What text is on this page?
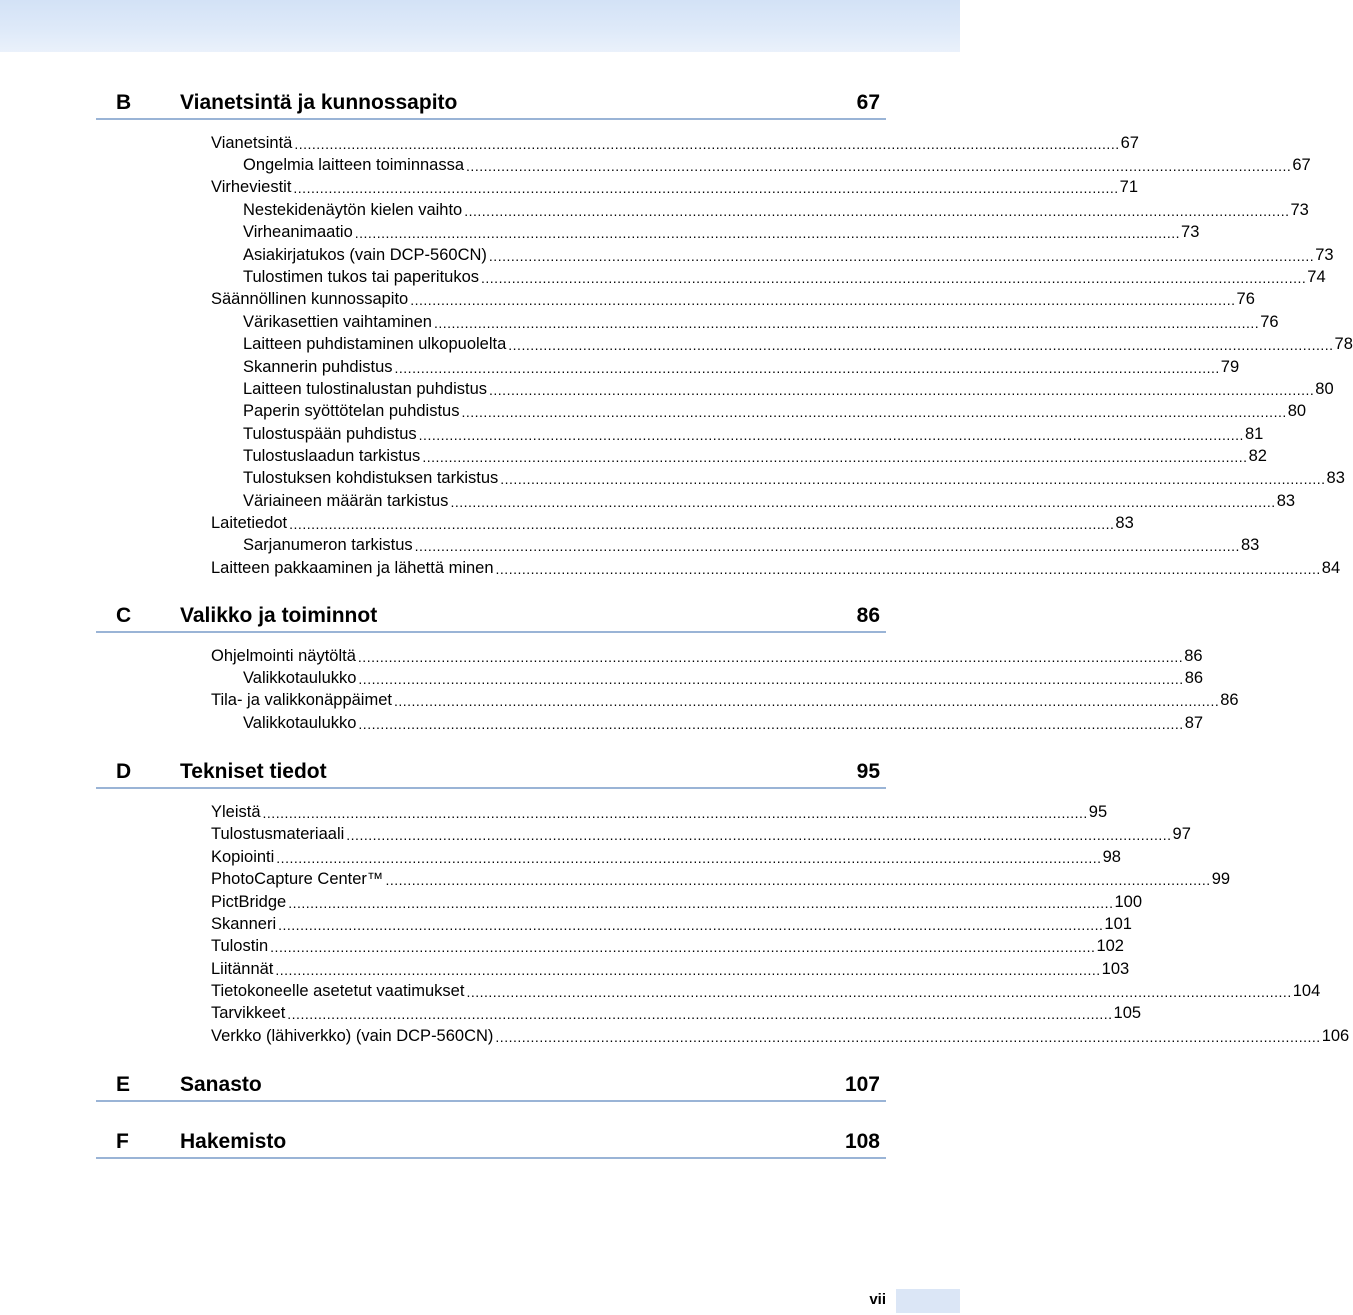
B Vianetsintä ja kunnossapito	67
Vianetsintä ............................................................................................................................................................................................ 67
Ongelmia laitteen toiminnassa ............................................................................................................................................................................................ 67
Virheviestit ............................................................................................................................................................................................ 71
Nestekidenäytön kielen vaihto ............................................................................................................................................................................................ 73
Virheanimaatio ............................................................................................................................................................................................ 73
Asiakirjatukos (vain DCP-560CN) ............................................................................................................................................................................................ 73
Tulostimen tukos tai paperitukos ............................................................................................................................................................................................ 74
Säännöllinen kunnossapito ............................................................................................................................................................................................ 76
Värikasettien vaihtaminen ............................................................................................................................................................................................ 76
Laitteen puhdistaminen ulkopuolelta ............................................................................................................................................................................................ 78
Skannerin puhdistus ............................................................................................................................................................................................ 79
Laitteen tulostinalustan puhdistus ............................................................................................................................................................................................ 80
Paperin syöttötelan puhdistus ............................................................................................................................................................................................ 80
Tulostuspään puhdistus ............................................................................................................................................................................................ 81
Tulostuslaadun tarkistus ............................................................................................................................................................................................ 82
Tulostuksen kohdistuksen tarkistus ............................................................................................................................................................................................ 83
Väriaineen määrän tarkistus ............................................................................................................................................................................................ 83
Laitetiedot ............................................................................................................................................................................................ 83
Sarjanumeron tarkistus ............................................................................................................................................................................................ 83
Laitteen pakkaaminen ja lähettä minen ............................................................................................................................................................................................ 84
C Valikko ja toiminnot	86
Ohjelmointi näytöltä ............................................................................................................................................................................................ 86
Valikkotaulukko ............................................................................................................................................................................................ 86
Tila- ja valikkonäppäimet ............................................................................................................................................................................................ 86
Valikkotaulukko ............................................................................................................................................................................................ 87
D Tekniset tiedot	95
Yleistä ............................................................................................................................................................................................ 95
Tulostusmateriaali ............................................................................................................................................................................................ 97
Kopiointi ............................................................................................................................................................................................ 98
PhotoCapture Center™ ............................................................................................................................................................................................ 99
PictBridge ............................................................................................................................................................................................ 100
Skanneri ............................................................................................................................................................................................ 101
Tulostin ............................................................................................................................................................................................ 102
Liitännät ............................................................................................................................................................................................ 103
Tietokoneelle asetetut vaatimukset ............................................................................................................................................................................................ 104
Tarvikkeet ............................................................................................................................................................................................ 105
Verkko (lähiverkko) (vain DCP-560CN) ............................................................................................................................................................................................ 106
E Sanasto	107
F Hakemisto	108
vii
